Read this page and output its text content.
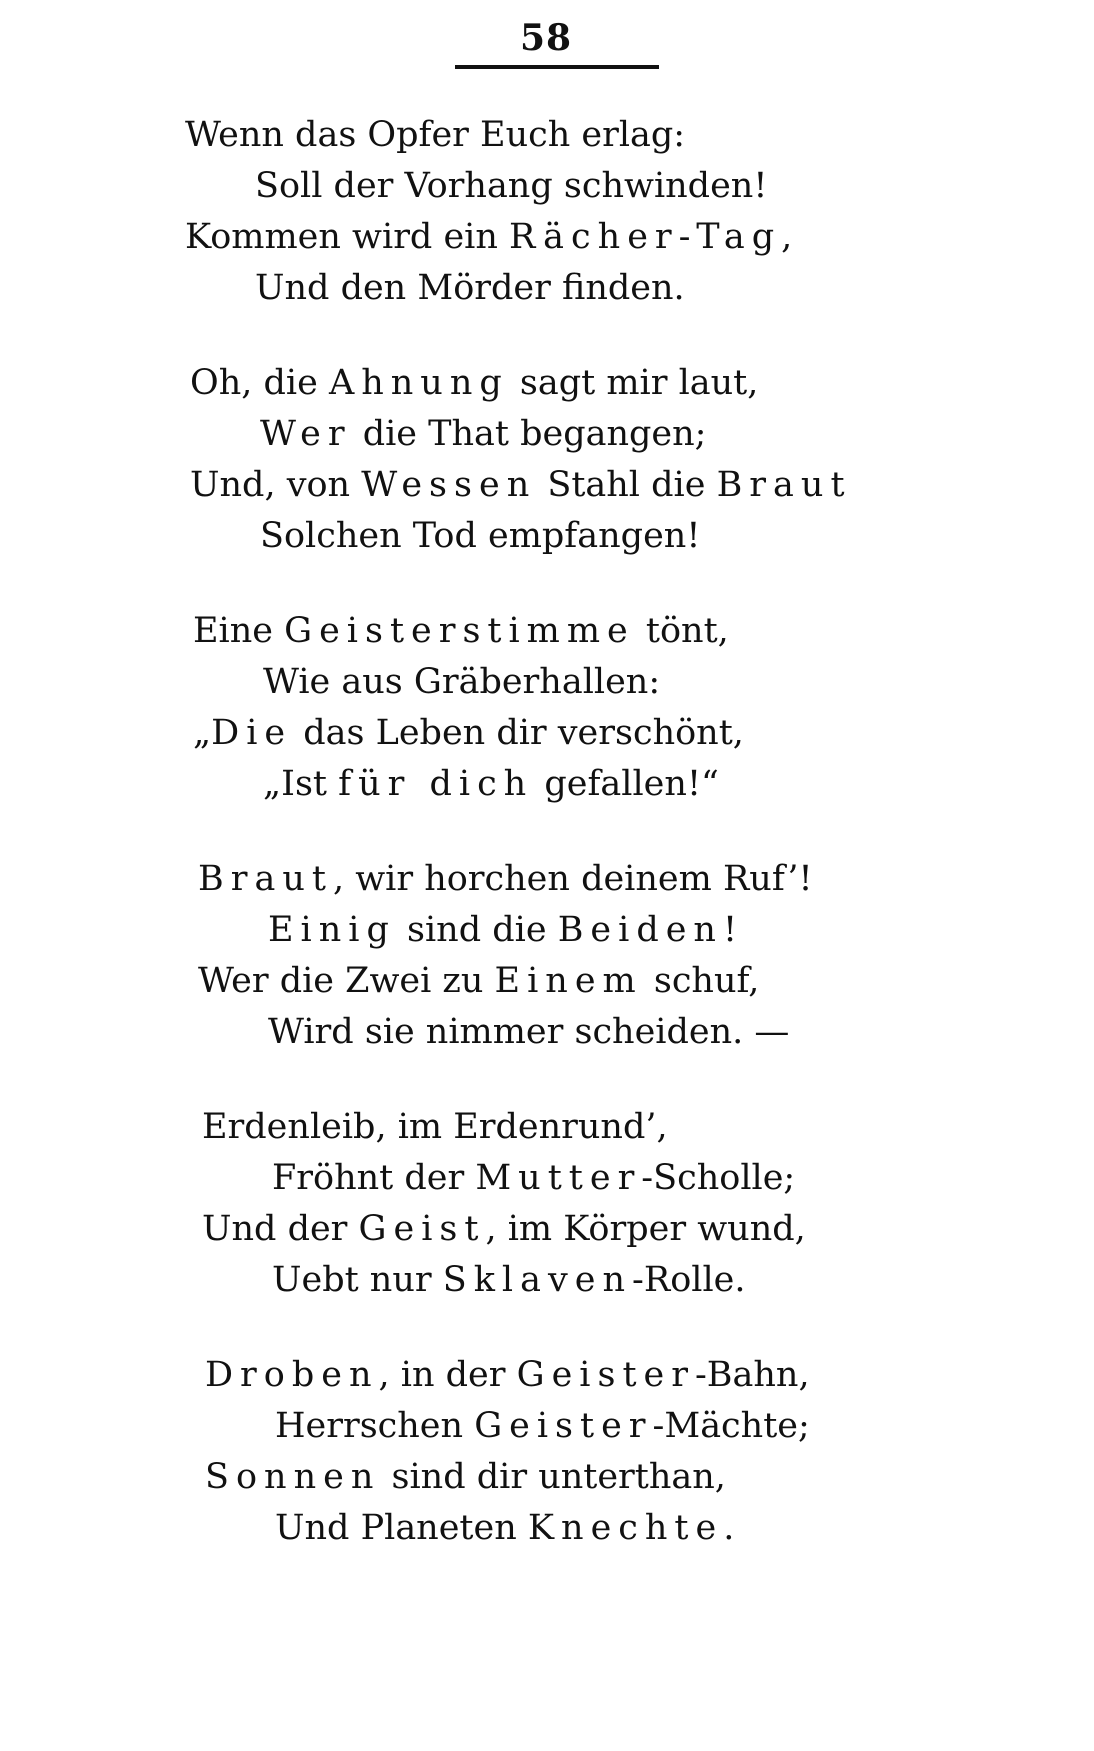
58
Wenn das Opfer Euch erlag:
Soll der Vorhang schwinden!
Kommen wird ein Rächer-Tag,
Und den Mörder finden.
Oh, die Ahnung sagt mir laut,
Wer die That begangen;
Und, von Wessen Stahl die Braut
Solchen Tod empfangen!
Eine Geisterstimme tönt,
Wie aus Gräberhallen:
„Die das Leben dir verschönt,
„Ist für dich gefallen!“
Braut, wir horchen deinem Ruf’!
Einig sind die Beiden!
Wer die Zwei zu Einem schuf,
Wird sie nimmer scheiden. —
Erdenleib, im Erdenrund’,
Fröhnt der Mutter-Scholle;
Und der Geist, im Körper wund,
Uebt nur Sklaven-Rolle.
Droben, in der Geister-Bahn,
Herrschen Geister-Mächte;
Sonnen sind dir unterthan,
Und Planeten Knechte.
